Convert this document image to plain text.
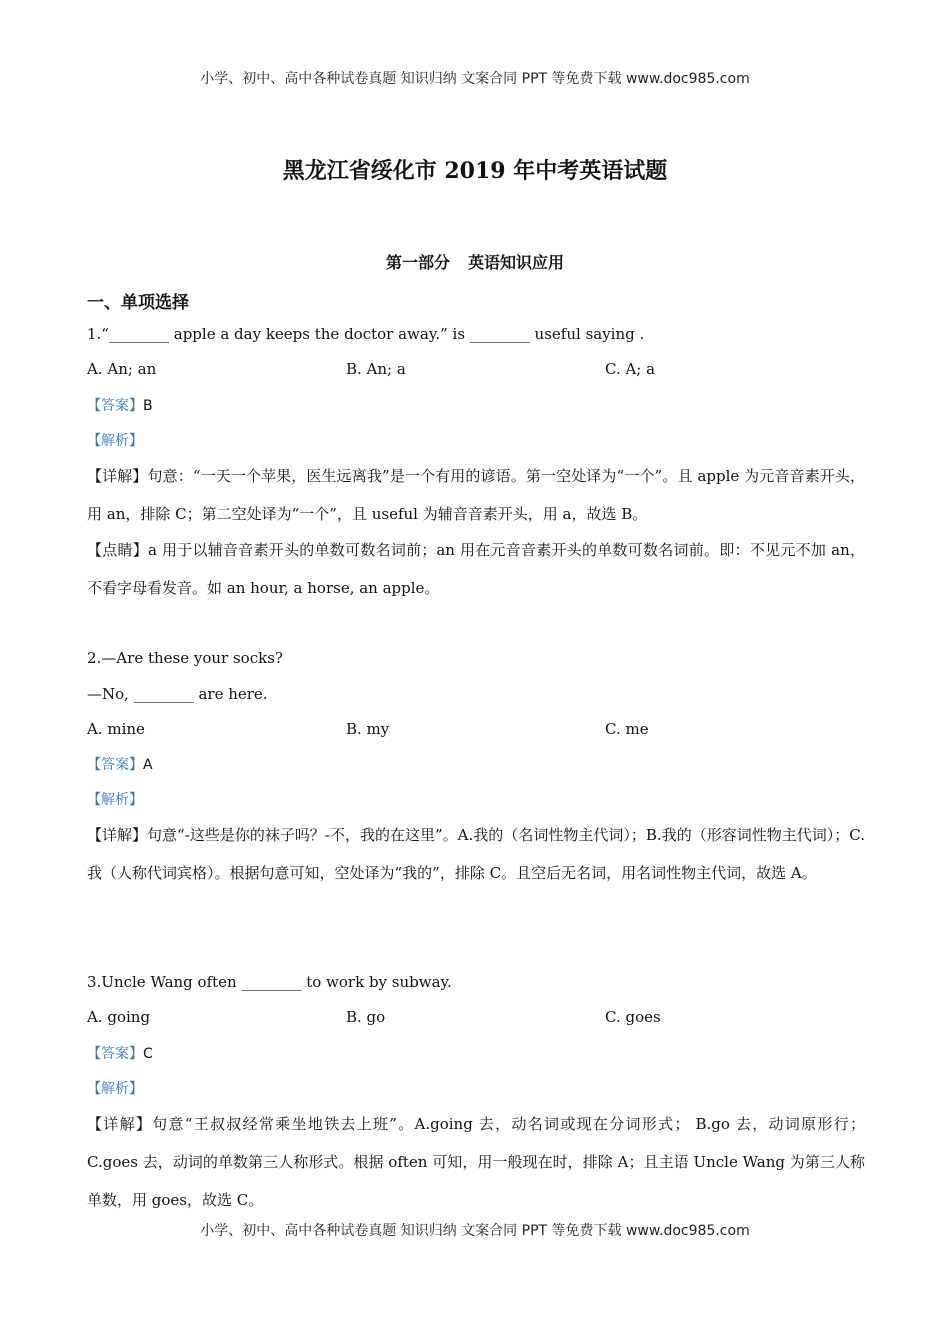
小学、初中、高中各种试卷真题 知识归纳 文案合同 PPT 等免费下载 www.doc985.com
黑龙江省绥化市 2019 年中考英语试题
第一部分 英语知识应用
一、单项选择
1.“________ apple a day keeps the doctor away.” is ________ useful saying .
A. An; an	B. An; a	C. A; a
【答案】B
【解析】
【详解】句意：“一天一个苹果，医生远离我”是一个有用的谚语。第一空处译为“一个”。且 apple 为元音音素开头，用 an，排除 C；第二空处译为“一个”，且 useful 为辅音音素开头，用 a，故选 B。
【点睛】a 用于以辅音音素开头的单数可数名词前；an 用在元音音素开头的单数可数名词前。即：不见元不加 an，不看字母看发音。如 an hour, a horse, an apple。
2.—Are these your socks?
—No, ________ are here.
A. mine	B. my	C. me
【答案】A
【解析】
【详解】句意“-这些是你的袜子吗？-不，我的在这里”。A.我的（名词性物主代词）；B.我的（形容词性物主代词）；C.我（人称代词宾格）。根据句意可知，空处译为“我的”，排除 C。且空后无名词，用名词性物主代词，故选 A。
3.Uncle Wang often ________ to work by subway.
A. going	B. go	C. goes
【答案】C
【解析】
【详解】句意“王叔叔经常乘坐地铁去上班”。A.going 去，动名词或现在分词形式； B.go 去，动词原形行； C.goes 去，动词的单数第三人称形式。根据 often 可知，用一般现在时，排除 A；且主语 Uncle Wang 为第三人称单数，用 goes，故选 C。
小学、初中、高中各种试卷真题 知识归纳 文案合同 PPT 等免费下载 www.doc985.com
